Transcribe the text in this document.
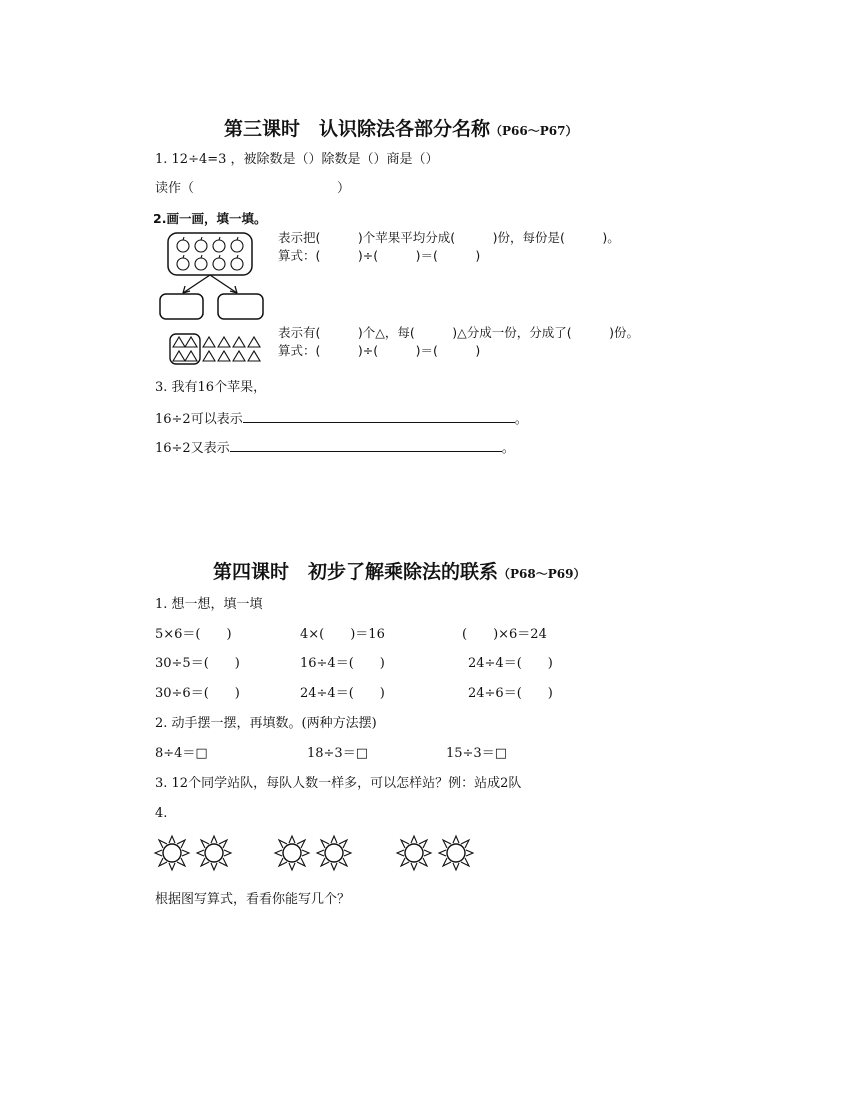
第三课时　认识除法各部分名称（P66～P67）
1. 12÷4=3 ，被除数是（）除数是（）商是（）
读作（　　　　　　　　　　　）
2.画一画，填一填。
表示把(　　　)个苹果平均分成(　　　)份，每份是(　　　)。
算式：(　　　)÷(　　　)＝(　　　)
表示有(　　　)个△，每(　　　)△分成一份，分成了(　　　)份。
算式：(　　　)÷(　　　)＝(　　　)
3. 我有16个苹果，
16÷2可以表示	。
16÷2又表示	。
第四课时　初步了解乘除法的联系（P68～P69）
1. 想一想，填一填
5×6＝(　　)	4×(　　)＝16	(　　)×6＝24
30÷5＝(　　)	16÷4＝(　　)	24÷4＝(　　)
30÷6＝(　　)	24÷4＝(　　)	24÷6＝(　　)
2. 动手摆一摆，再填数。(两种方法摆)
8÷4＝□	18÷3＝□	15÷3＝□
3. 12个同学站队，每队人数一样多，可以怎样站？例：站成2队
4.
根据图写算式，看看你能写几个？
